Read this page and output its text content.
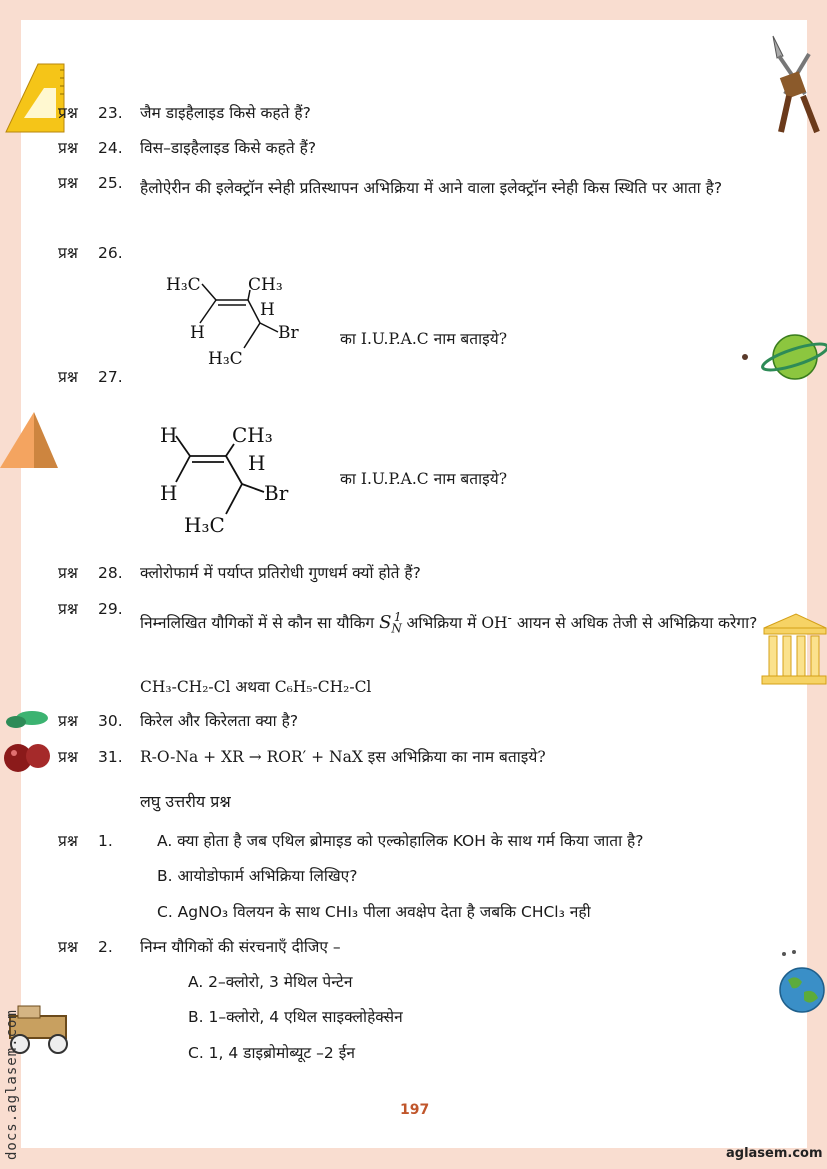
प्रश्न 23.	जैम डाइहैलाइड किसे कहते हैं?
प्रश्न 24.	विस–डाइहैलाइड किसे कहते हैं?
प्रश्न 25.	हैलोऐरीन की इलेक्ट्रॉन स्नेही प्रतिस्थापन अभिक्रिया में आने वाला इलेक्ट्रॉन स्नेही किस स्थिति पर आता है?
प्रश्न 26.
H₃C	CH₃
H
H	Br
H₃C
का I.U.P.A.C नाम बताइये?
प्रश्न 27.
H	CH₃
H
H	Br
H₃C
का I.U.P.A.C नाम बताइये?
प्रश्न 28.	क्लोरोफार्म में पर्याप्त प्रतिरोधी गुणधर्म क्यों होते हैं?
प्रश्न 29.
निम्नलिखित यौगिकों में से कौन सा यौकिग $S_N^1$ अभिक्रिया में OH- आयन से अधिक तेजी से अभिक्रिया करेगा?
CH₃-CH₂-Cl अथवा C₆H₅-CH₂-Cl
प्रश्न 30.	किरेल और किरेलता क्या है?
प्रश्न 31.	R-O-Na + XR → ROR′ + NaX इस अभिक्रिया का नाम बताइये?
लघु उत्तरीय प्रश्न
प्रश्न 1.	A. क्या होता है जब एथिल ब्रोमाइड को एल्कोहालिक KOH के साथ गर्म किया जाता है?
B. आयोडोफार्म अभिक्रिया लिखिए?
C. AgNO₃ विलयन के साथ CHI₃ पीला अवक्षेप देता है जबकि CHCl₃ नही
प्रश्न 2.	निम्न यौगिकों की संरचनाएँ दीजिए –
A. 2–क्लोरो, 3 मेथिल पेन्टेन
B. 1–क्लोरो, 4 एथिल साइक्लोहेक्सेन
C. 1, 4 डाइब्रोमोब्यूट –2 ईन
197
docs.aglasem.com	aglasem.com
